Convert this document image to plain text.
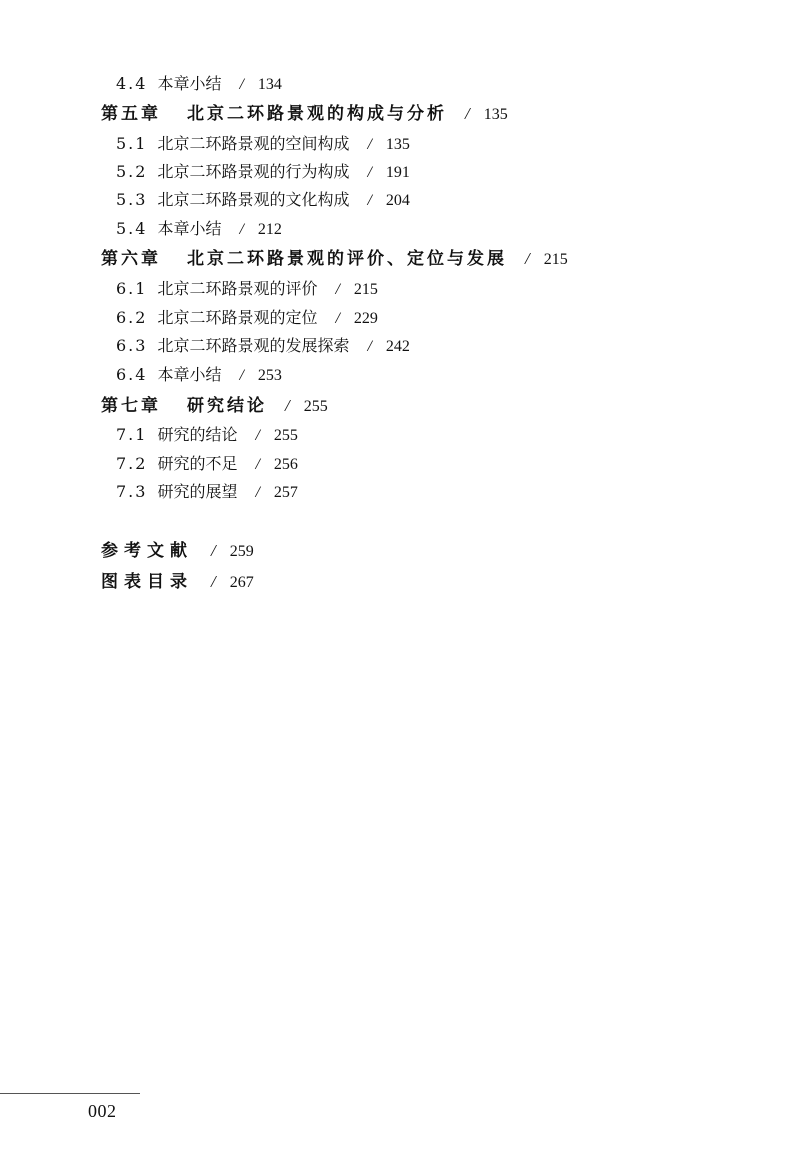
4.4 本章小结 / 134
第五章 北京二环路景观的构成与分析 / 135
5.1 北京二环路景观的空间构成 / 135
5.2 北京二环路景观的行为构成 / 191
5.3 北京二环路景观的文化构成 / 204
5.4 本章小结 / 212
第六章 北京二环路景观的评价、定位与发展 / 215
6.1 北京二环路景观的评价 / 215
6.2 北京二环路景观的定位 / 229
6.3 北京二环路景观的发展探索 / 242
6.4 本章小结 / 253
第七章 研究结论 / 255
7.1 研究的结论 / 255
7.2 研究的不足 / 256
7.3 研究的展望 / 257
参考文献 / 259
图表目录 / 267
002
